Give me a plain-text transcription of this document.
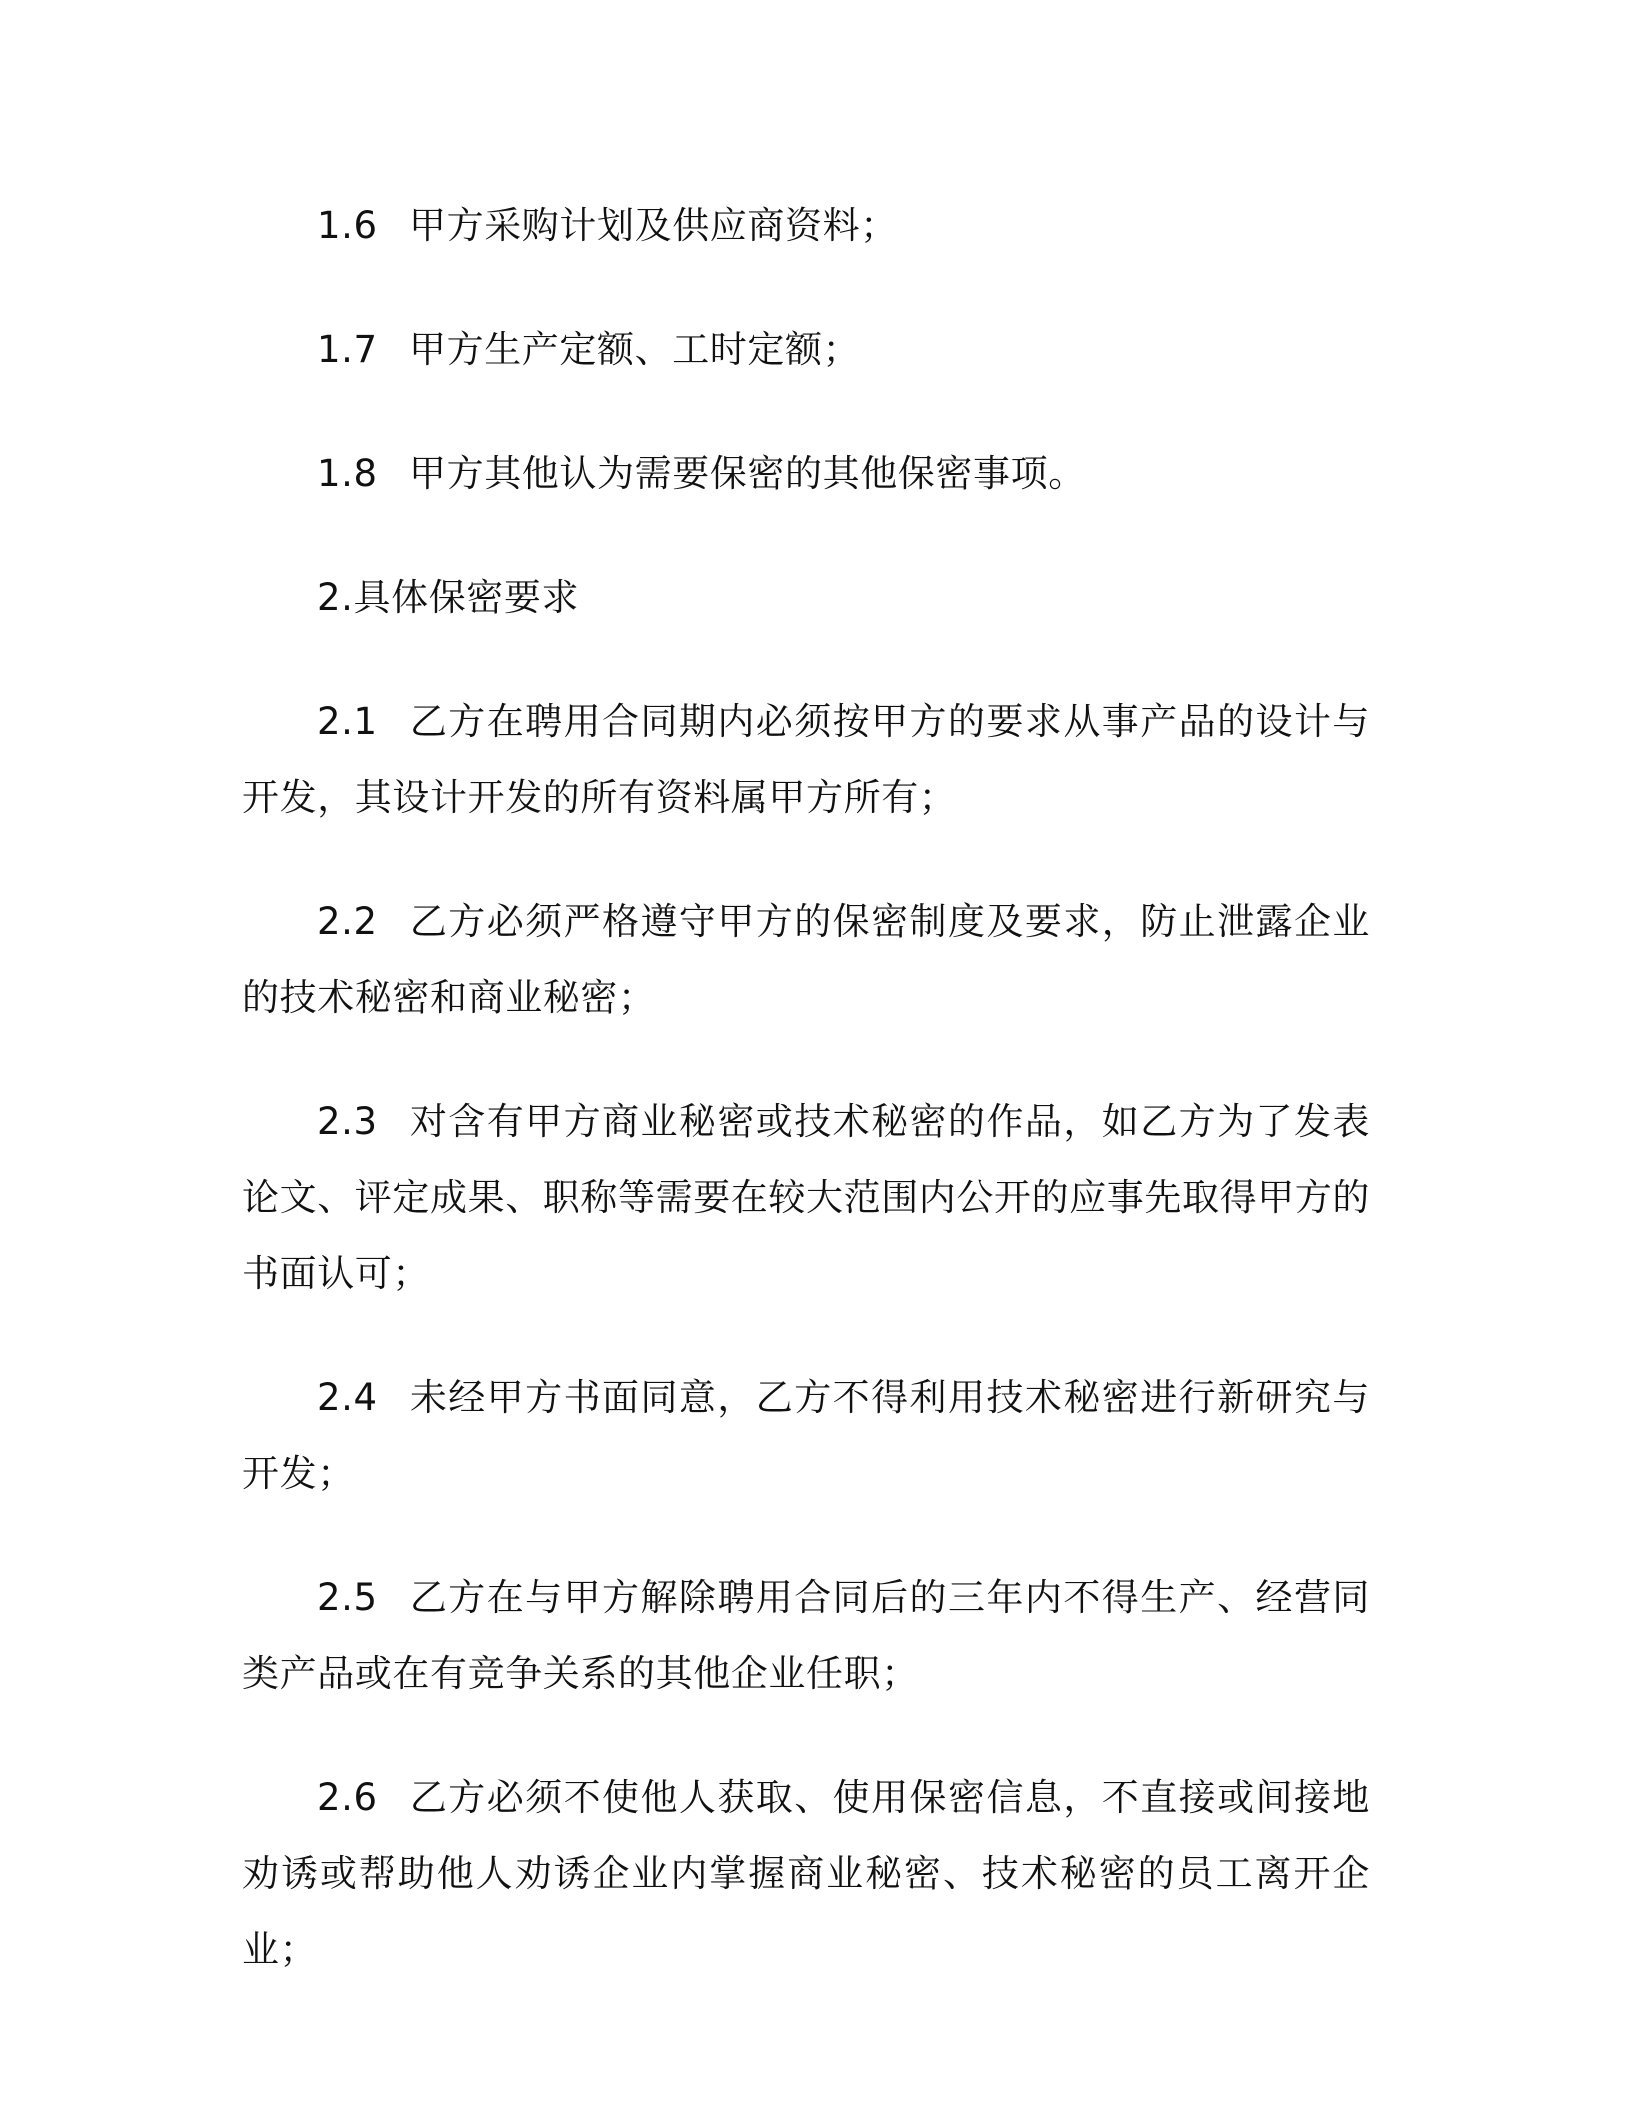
1.6 甲方采购计划及供应商资料；

1.7 甲方生产定额、工时定额；

1.8 甲方其他认为需要保密的其他保密事项。

2.具体保密要求

2.1 乙方在聘用合同期内必须按甲方的要求从事产品的设计与开发，其设计开发的所有资料属甲方所有；

2.2 乙方必须严格遵守甲方的保密制度及要求，防止泄露企业的技术秘密和商业秘密；

2.3 对含有甲方商业秘密或技术秘密的作品，如乙方为了发表论文、评定成果、职称等需要在较大范围内公开的应事先取得甲方的书面认可；

2.4 未经甲方书面同意，乙方不得利用技术秘密进行新研究与开发；

2.5 乙方在与甲方解除聘用合同后的三年内不得生产、经营同类产品或在有竞争关系的其他企业任职；

2.6 乙方必须不使他人获取、使用保密信息，不直接或间接地劝诱或帮助他人劝诱企业内掌握商业秘密、技术秘密的员工离开企业；
